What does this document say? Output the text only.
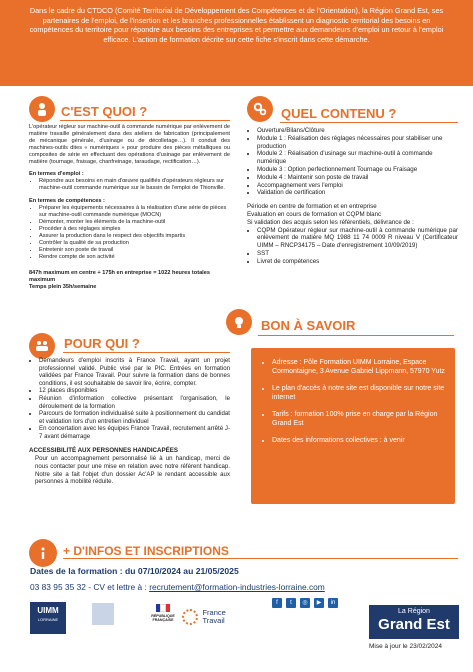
Dans le cadre du CTDCO (Comité Territorial de Développement des Compétences et de l'Orientation), la Région Grand Est, ses partenaires de l'emploi, de l'insertion et les branches professionnelles établissent un diagnostic territorial des besoins en compétences du territoire pour répondre aux besoins des entreprises et permettre aux demandeurs d'emploi un retour à l'emploi efficace. L'action de formation décrite sur cette fiche s'inscrit dans cette démarche.
C'EST QUOI ?
L'opérateur régleur sur machine-outil à commande numérique par enlèvement de matière travaille généralement dans des ateliers de fabrication (principalement de mécanique générale, d'usinage ou de décolletage…). Il conduit des machines-outils dites « numériques » pour produire des pièces métalliques ou composites de série en effectuant des opérations d'usinage par enlèvement de matière (tournage, fraisage, chanfreinage, taraudage, rectification…).
En termes d'emploi :
• Répondre aux besoins en main d'œuvre qualifiés d'opérateurs régleurs sur machine-outil commande numérique sur le bassin de l'emploi de Thionville.
En termes de compétences :
• Préparer les équipements nécessaires à la réalisation d'une série de pièces sur machine-outil commande numérique (MOCN)
• Démonter, monter les éléments de la machine-outil
• Procéder à des réglages simples
• Assurer la production dans le respect des objectifs impartis
• Contrôler la qualité de sa production
• Entretenir son poste de travail
• Rendre compte de son activité
847h maximum en centre + 175h en entreprise = 1022 heures totales maximum
Temps plein 35h/semaine
QUEL CONTENU ?
• Ouverture/Bilans/Clôture
• Module 1 : Réalisation des réglages nécessaires pour stabiliser une production
• Module 2 : Réalisation d'usinage sur machine-outil à commande numérique
• Module 3 : Option perfectionnement Tournage ou Fraisage
• Module 4 : Maintenir son poste de travail
• Accompagnement vers l'emploi
• Validation de certification
Période en centre de formation et en entreprise
Evaluation en cours de formation et CQPM blanc
Si validation des acquis selon les référentiels, délivrance de :
• CQPM Opérateur régleur sur machine-outil à commande numérique par enlèvement de matière MQ 1988 11 74 0009 R niveau V (Certificateur UIMM – RNCP34175 – Date d'enregistrement 10/09/2019)
• SST
• Livret de compétences
POUR QUI ?
• Demandeurs d'emploi inscrits à France Travail, ayant un projet professionnel validé. Public visé par le PIC. Entrées en formation validées par France Travail. Pour suivre la formation dans de bonnes conditions, il est souhaitable de savoir lire, écrire, compter.
• 12 places disponibles
• Réunion d'information collective présentant l'organisation, le déroulement de la formation
• Parcours de formation individualisé suite à positionnement du candidat et validation lors d'un entretien individuel
• En concertation avec les équipes France Travail, recrutement arrêté J-7 avant démarrage
ACCESSIBILITÉ AUX PERSONNES HANDICAPÉES
Pour un accompagnement personnalisé lié à un handicap, merci de nous contacter pour une mise en relation avec notre référent handicap. Notre site a fait l'objet d'un dossier Ac'AP le rendant accessible aux personnes à mobilité réduite.
BON À SAVOIR
• Adresse : Pôle Formation UIMM Lorraine, Espace Cormontaigne, 3 Avenue Gabriel Lippmann, 57970 Yutz
• Le plan d'accès à notre site est disponible sur notre site internet
• Tarifs : formation 100% prise en charge par la Région Grand Est
• Dates des informations collectives : à venir
+ D'INFOS ET INSCRIPTIONS
Dates de la formation : du 07/10/2024 au 21/05/2025
03 83 95 35 32 - CV et lettre à : recrutement@formation-industries-lorraine.com
UIMM
LORRAINE
RÉPUBLIQUE FRANÇAISE
France Travail
f	t	◎	▶	in
La Région
Grand Est
Mise à jour le 23/02/2024
